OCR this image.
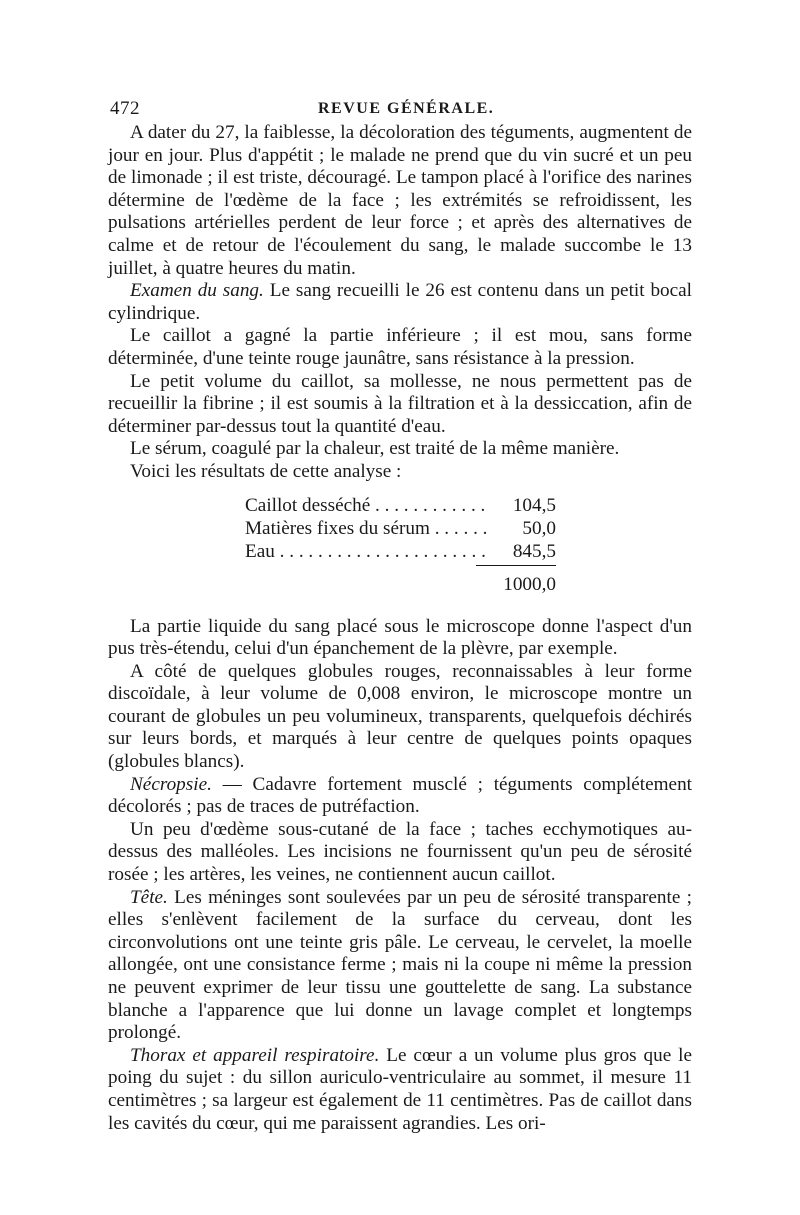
472	REVUE GÉNÉRALE.

A dater du 27, la faiblesse, la décoloration des téguments, augmentent de jour en jour. Plus d'appétit ; le malade ne prend que du vin sucré et un peu de limonade ; il est triste, découragé. Le tampon placé à l'orifice des narines détermine de l'œdème de la face ; les extrémités se refroidissent, les pulsations artérielles perdent de leur force ; et après des alternatives de calme et de retour de l'écoulement du sang, le malade succombe le 13 juillet, à quatre heures du matin.

Examen du sang. Le sang recueilli le 26 est contenu dans un petit bocal cylindrique.

Le caillot a gagné la partie inférieure ; il est mou, sans forme déterminée, d'une teinte rouge jaunâtre, sans résistance à la pression.

Le petit volume du caillot, sa mollesse, ne nous permettent pas de recueillir la fibrine ; il est soumis à la filtration et à la dessiccation, afin de déterminer par-dessus tout la quantité d'eau.

Le sérum, coagulé par la chaleur, est traité de la même manière.

Voici les résultats de cette analyse :

Caillot desséché . . .	104,5
Matières fixes du sérum . . .	50,0
Eau . . .	845,5
1000,0

La partie liquide du sang placé sous le microscope donne l'aspect d'un pus très-étendu, celui d'un épanchement de la plèvre, par exemple.

A côté de quelques globules rouges, reconnaissables à leur forme discoïdale, à leur volume de 0,008 environ, le microscope montre un courant de globules un peu volumineux, transparents, quelquefois déchirés sur leurs bords, et marqués à leur centre de quelques points opaques (globules blancs).

Nécropsie. — Cadavre fortement musclé ; téguments complétement décolorés ; pas de traces de putréfaction.

Un peu d'œdème sous-cutané de la face ; taches ecchymotiques au-dessus des malléoles. Les incisions ne fournissent qu'un peu de sérosité rosée ; les artères, les veines, ne contiennent aucun caillot.

Tête. Les méninges sont soulevées par un peu de sérosité transparente ; elles s'enlèvent facilement de la surface du cerveau, dont les circonvolutions ont une teinte gris pâle. Le cerveau, le cervelet, la moelle allongée, ont une consistance ferme ; mais ni la coupe ni même la pression ne peuvent exprimer de leur tissu une gouttelette de sang. La substance blanche a l'apparence que lui donne un lavage complet et longtemps prolongé.

Thorax et appareil respiratoire. Le cœur a un volume plus gros que le poing du sujet : du sillon auriculo-ventriculaire au sommet, il mesure 11 centimètres ; sa largeur est également de 11 centimètres. Pas de caillot dans les cavités du cœur, qui me paraissent agrandies. Les ori-
